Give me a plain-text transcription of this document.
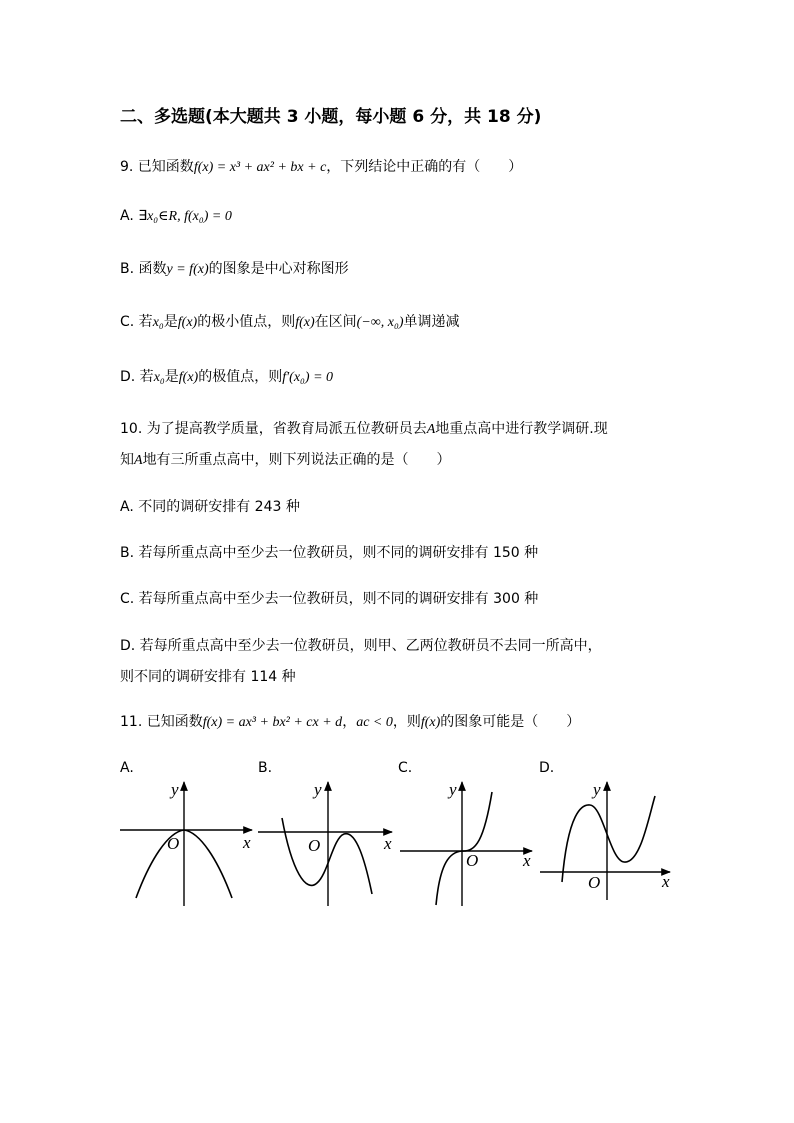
二、多选题(本大题共 3 小题，每小题 6 分，共 18 分)
9. 已知函数f(x) = x³ + ax² + bx + c，下列结论中正确的有（　　）
A. ∃x₀∈R, f(x₀) = 0
B. 函数y = f(x)的图象是中心对称图形
C. 若x₀是f(x)的极小值点，则f(x)在区间(−∞, x₀)单调递减
D. 若x₀是f(x)的极值点，则f′(x₀) = 0
10. 为了提高教学质量，省教育局派五位教研员去A地重点高中进行教学调研.现
知A地有三所重点高中，则下列说法正确的是（　　）
A. 不同的调研安排有 243 种
B. 若每所重点高中至少去一位教研员，则不同的调研安排有 150 种
C. 若每所重点高中至少去一位教研员，则不同的调研安排有 300 种
D. 若每所重点高中至少去一位教研员，则甲、乙两位教研员不去同一所高中，
则不同的调研安排有 114 种
11. 已知函数f(x) = ax³ + bx² + cx + d，ac < 0，则f(x)的图象可能是（　　）
A.	B.	C.	D.
x
y
O	x
y
O
x
y
O
x
y
O
